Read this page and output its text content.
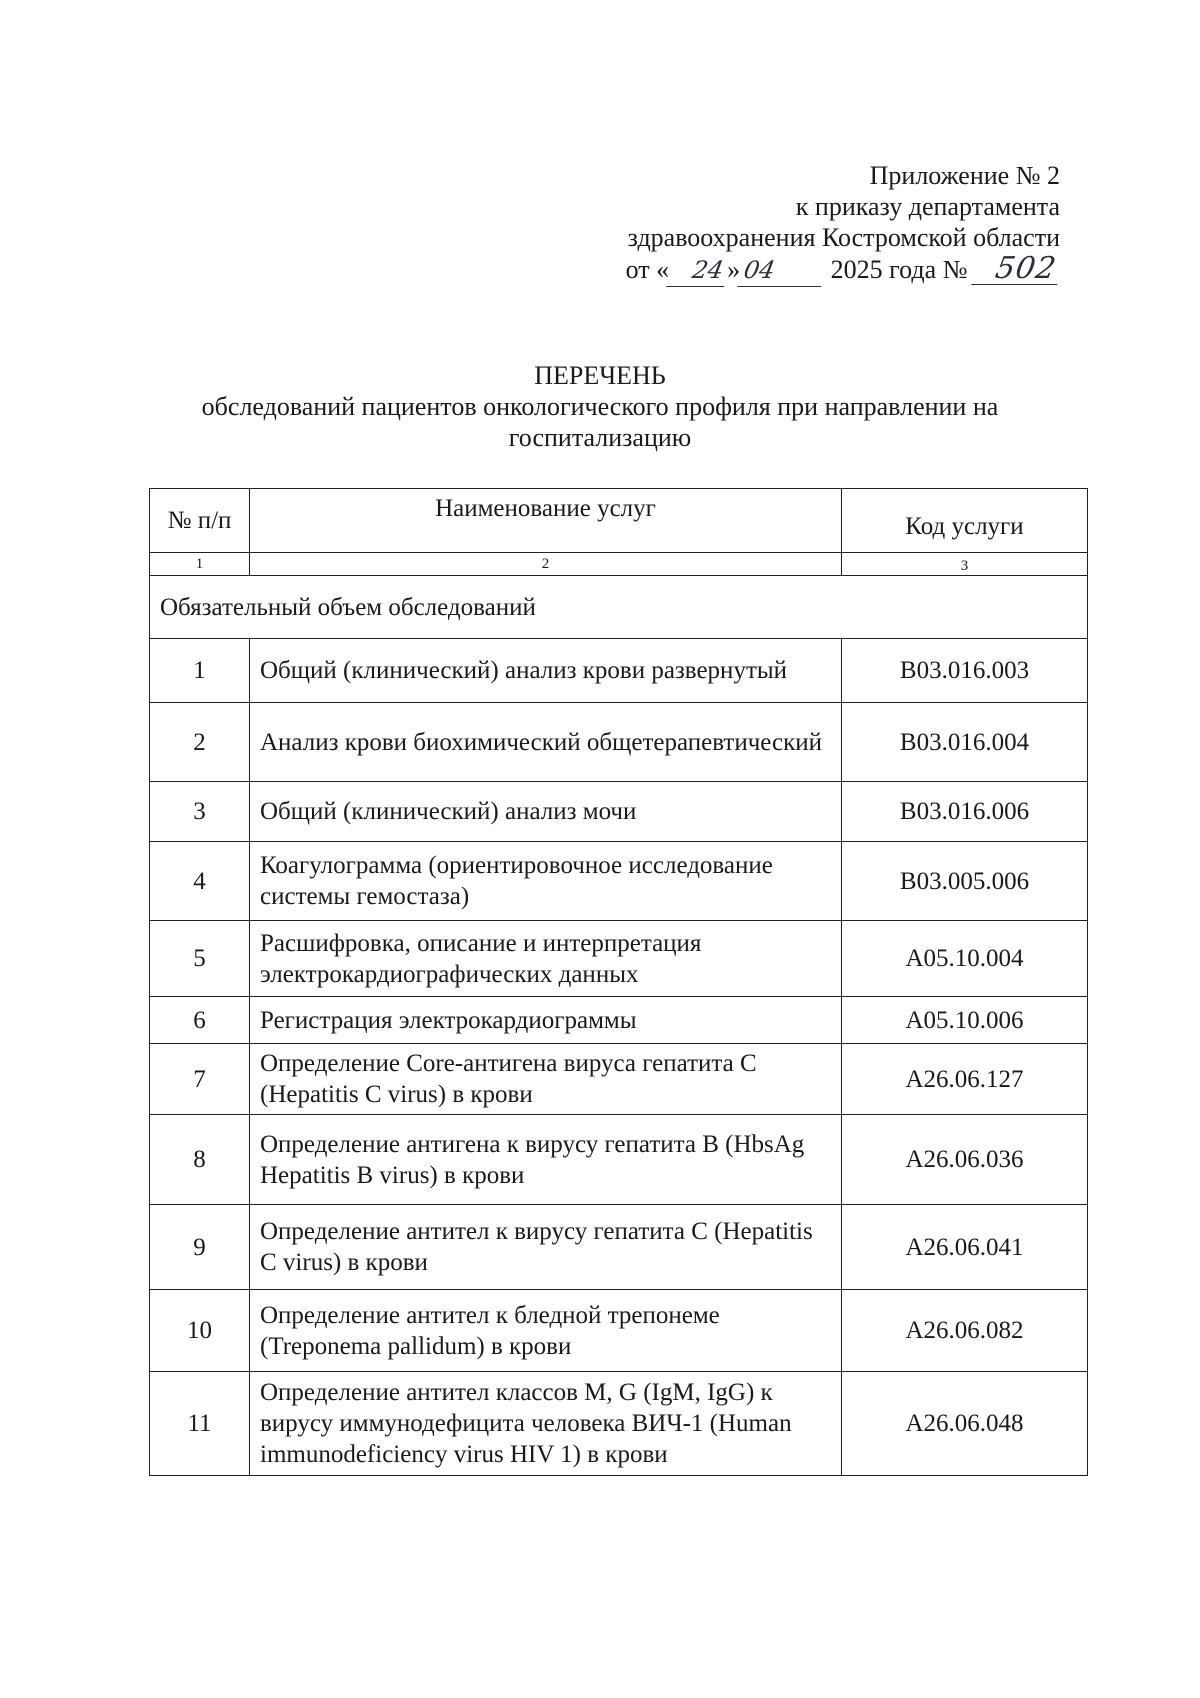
Приложение № 2
к приказу департамента
здравоохранения Костромской области
от « 24»04 2025 года № 502
ПЕРЕЧЕНЬ
обследований пациентов онкологического профиля при направлении на госпитализацию
№ п/п	Наименование услуг	Код услуги
1	2	3
Обязательный объем обследований		
1	Общий (клинический) анализ крови развернутый	B03.016.003
2	Анализ крови биохимический общетерапевтический	B03.016.004
3	Общий (клинический) анализ мочи	B03.016.006
4	Коагулограмма (ориентировочное исследование системы гемостаза)	B03.005.006
5	Расшифровка, описание и интерпретация электрокардиографических данных	A05.10.004
6	Регистрация электрокардиограммы	A05.10.006
7	Определение Core-антигена вируса гепатита C (Hepatitis C virus) в крови	A26.06.127
8	Определение антигена к вирусу гепатита B (HbsAg Hepatitis B virus) в крови	A26.06.036
9	Определение антител к вирусу гепатита C (Hepatitis C virus) в крови	A26.06.041
10	Определение антител к бледной трепонеме (Treponema pallidum) в крови	A26.06.082
11	Определение антител классов M, G (IgM, IgG) к вирусу иммунодефицита человека ВИЧ-1 (Human immunodeficiency virus HIV 1) в крови	A26.06.048
